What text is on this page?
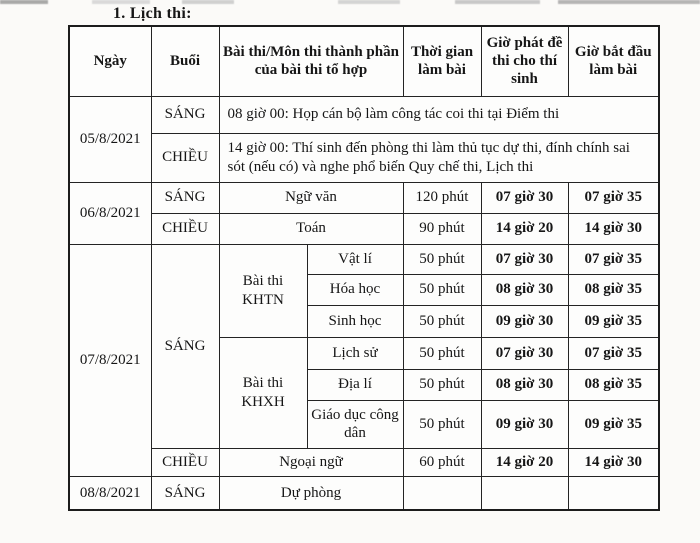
1. Lịch thi:
Ngày	Buổi	Bài thi/Môn thi thành phần của bài thi tổ hợp		Thời gian làm bài	Giờ phát đề thi cho thí sinh	Giờ bắt đầu làm bài
05/8/2021	SÁNG	08 giờ 00: Họp cán bộ làm công tác coi thi tại Điểm thi				
	CHIỀU	14 giờ 00: Thí sinh đến phòng thi làm thủ tục dự thi, đính chính sai sót (nếu có) và nghe phổ biến Quy chế thi, Lịch thi				
06/8/2021	SÁNG	Ngữ văn		120 phút	07 giờ 30	07 giờ 35
	CHIỀU	Toán		90 phút	14 giờ 20	14 giờ 30
07/8/2021	SÁNG	Bài thi KHTN	Vật lí	50 phút	07 giờ 30	07 giờ 35
			Hóa học	50 phút	08 giờ 30	08 giờ 35
			Sinh học	50 phút	09 giờ 30	09 giờ 35
		Bài thi KHXH	Lịch sử	50 phút	07 giờ 30	07 giờ 35
			Địa lí	50 phút	08 giờ 30	08 giờ 35
			Giáo dục công dân	50 phút	09 giờ 30	09 giờ 35
	CHIỀU	Ngoại ngữ		60 phút	14 giờ 20	14 giờ 30
08/8/2021	SÁNG	Dự phòng				
